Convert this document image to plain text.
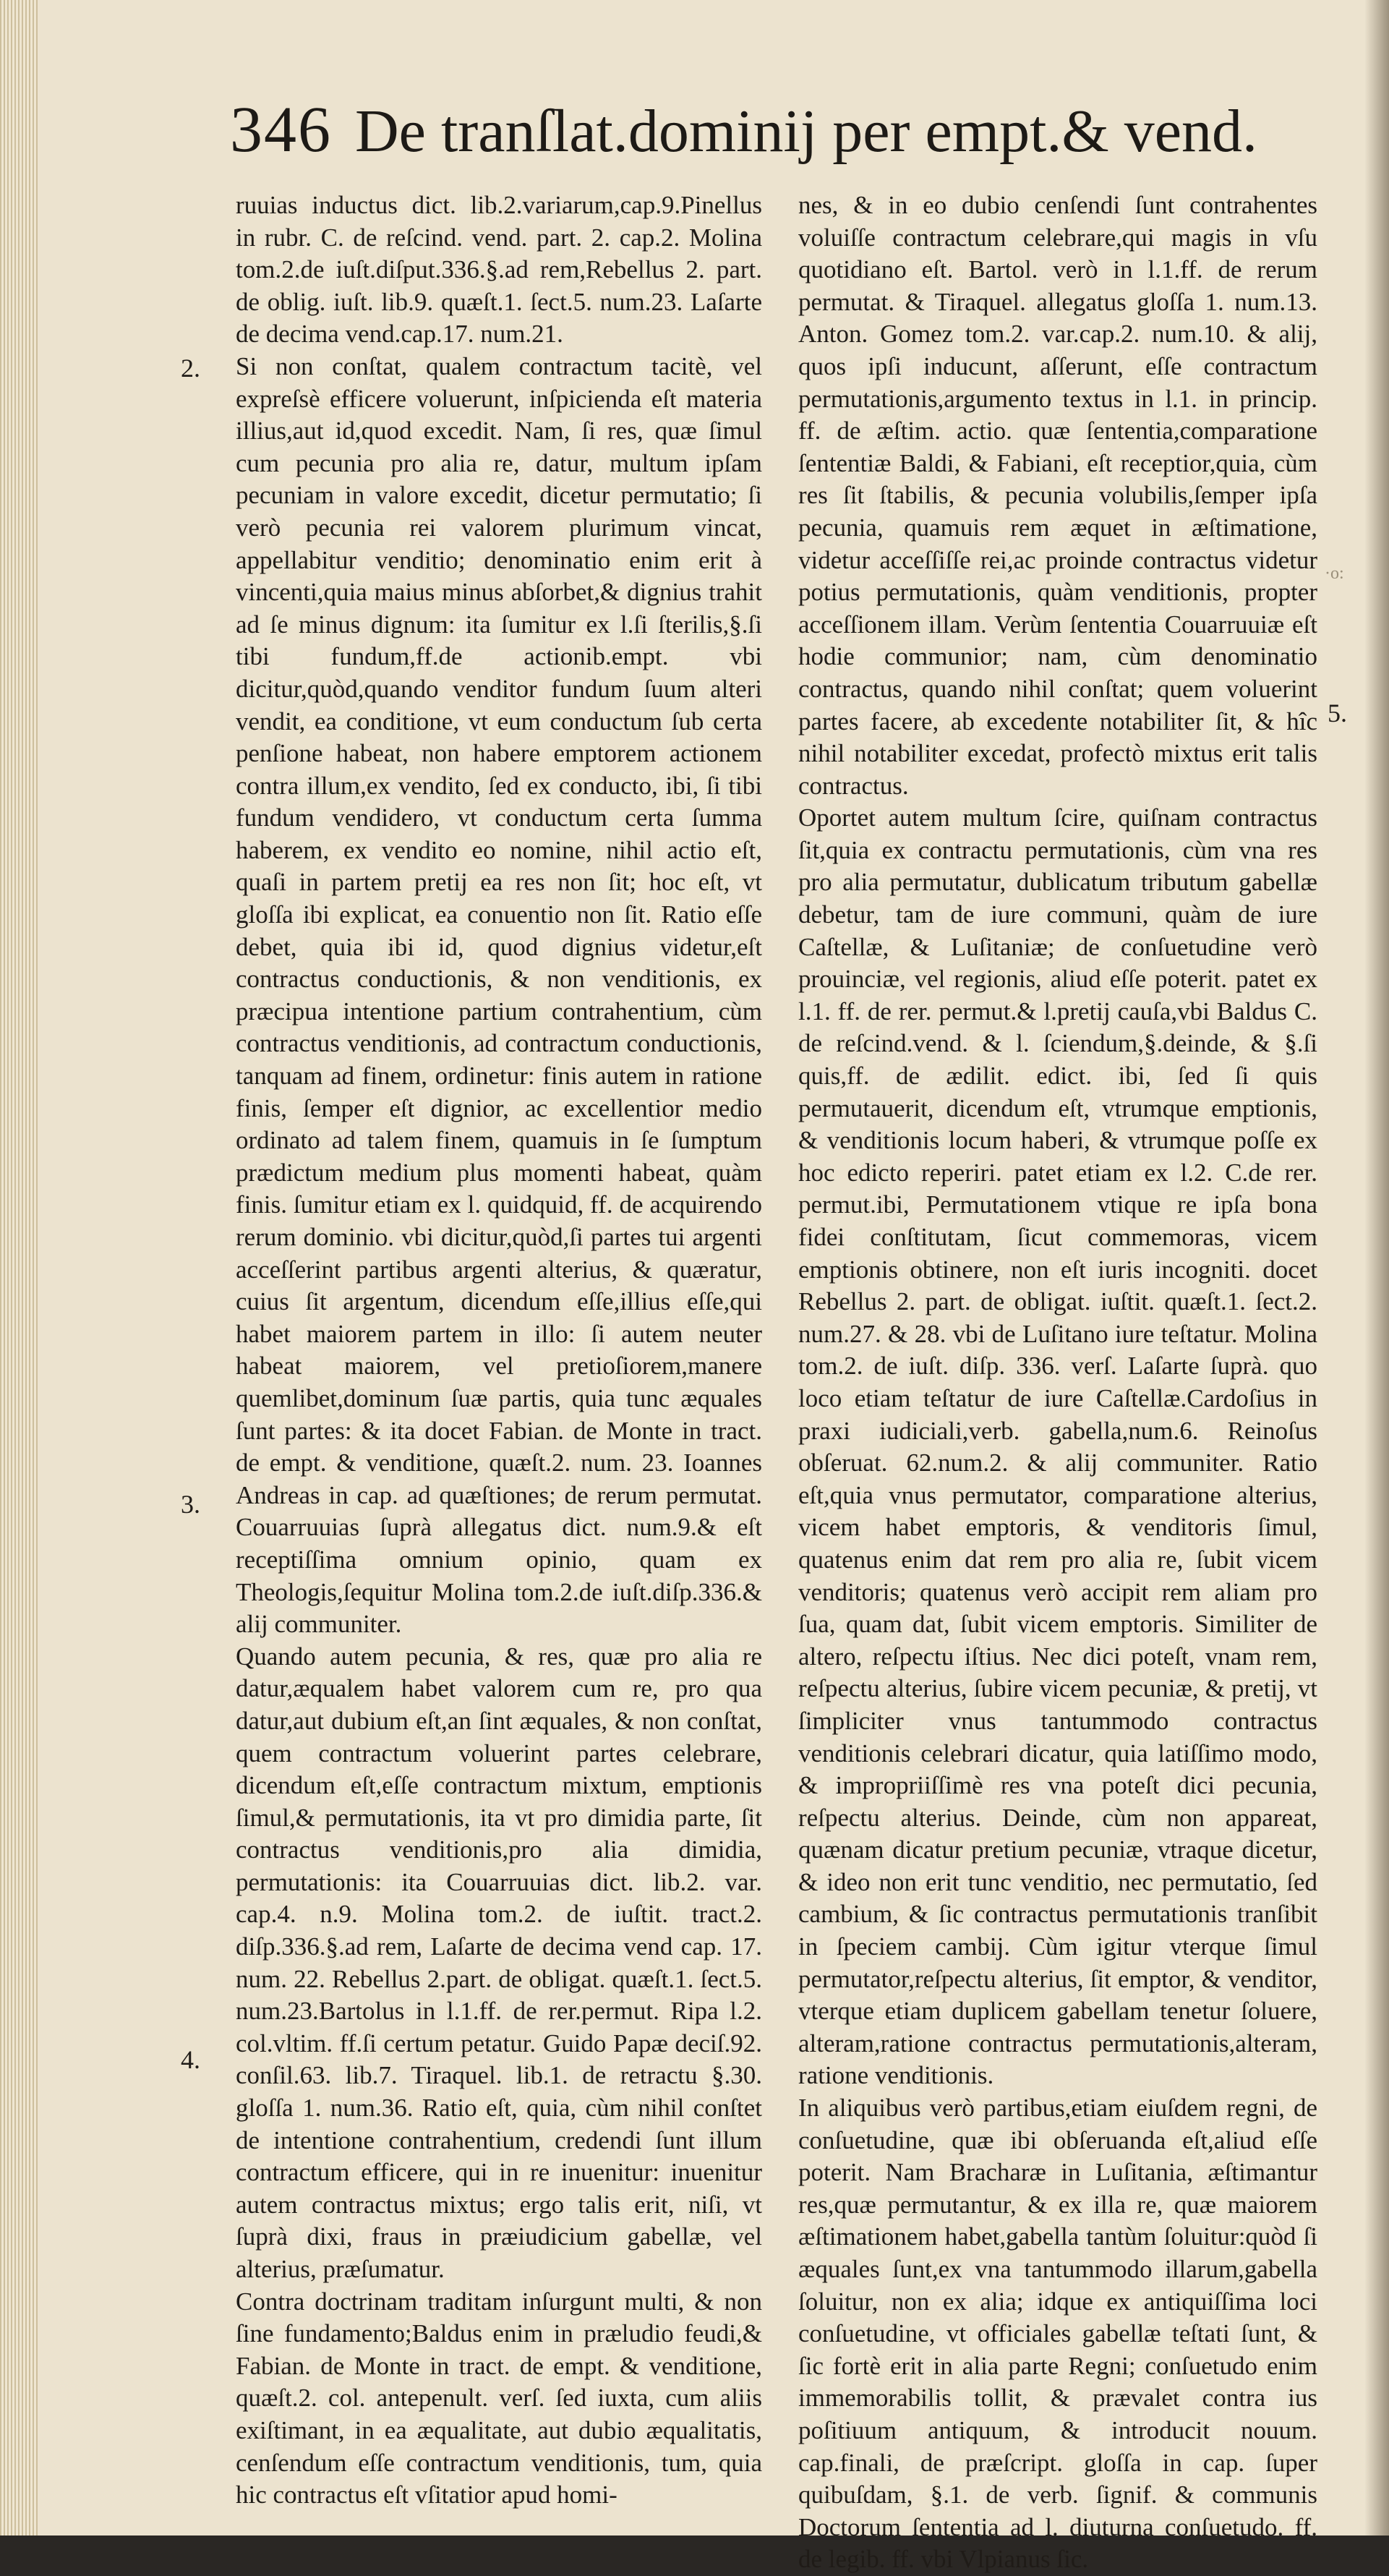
346 De tranſlat.dominij per empt.& vend.
2.
3.
4.
5.
·o:

ruuias inductus dict. lib.2.variarum,cap.9.Pinellus in rubr. C. de reſcind. vend. part. 2. cap.2. Molina tom.2.de iuſt.diſput.336.§.ad rem,Rebellus 2. part. de oblig. iuſt. lib.9. quæſt.1. ſect.5. num.23. Laſarte de decima vend.cap.17. num.21.

Si non conſtat, qualem contractum tacitè, vel expreſsè efficere voluerunt, inſpicienda eſt materia illius,aut id,quod excedit. Nam, ſi res, quæ ſimul cum pecunia pro alia re, datur, multum ipſam pecuniam in valore excedit, dicetur permutatio; ſi verò pecunia rei valorem plurimum vincat, appellabitur venditio; denominatio enim erit à vincenti,quia maius minus abſorbet,& dignius trahit ad ſe minus dignum: ita ſumitur ex l.ſi ſterilis,§.ſi tibi fundum,ff.de actionib.empt. vbi dicitur,quòd,quando venditor fundum ſuum alteri vendit, ea conditione, vt eum conductum ſub certa penſione habeat, non habere emptorem actionem contra illum,ex vendito, ſed ex conducto, ibi, ſi tibi fundum vendidero, vt conductum certa ſumma haberem, ex vendito eo nomine, nihil actio eſt, quaſi in partem pretij ea res non ſit; hoc eſt, vt gloſſa ibi explicat, ea conuentio non ſit. Ratio eſſe debet, quia ibi id, quod dignius videtur,eſt contractus conductionis, & non venditionis, ex præcipua intentione partium contrahentium, cùm contractus venditionis, ad contractum conductionis, tanquam ad finem, ordinetur: finis autem in ratione finis, ſemper eſt dignior, ac excellentior medio ordinato ad talem finem, quamuis in ſe ſumptum prædictum medium plus momenti habeat, quàm finis. ſumitur etiam ex l. quidquid, ff. de acquirendo rerum dominio. vbi dicitur,quòd,ſi partes tui argenti acceſſerint partibus argenti alterius, & quæratur, cuius ſit argentum, dicendum eſſe,illius eſſe,qui habet maiorem partem in illo: ſi autem neuter habeat maiorem, vel pretioſiorem,manere quemlibet,dominum ſuæ partis, quia tunc æquales ſunt partes: & ita docet Fabian. de Monte in tract. de empt. & venditione, quæſt.2. num. 23. Ioannes Andreas in cap. ad quæſtiones; de rerum permutat. Couarruuias ſuprà allegatus dict. num.9.& eſt receptiſſima omnium opinio, quam ex Theologis,ſequitur Molina tom.2.de iuſt.diſp.336.& alij communiter.

Quando autem pecunia, & res, quæ pro alia re datur,æqualem habet valorem cum re, pro qua datur,aut dubium eſt,an ſint æquales, & non conſtat, quem contractum voluerint partes celebrare, dicendum eſt,eſſe contractum mixtum, emptionis ſimul,& permutationis, ita vt pro dimidia parte, ſit contractus venditionis,pro alia dimidia, permutationis: ita Couarruuias dict. lib.2. var. cap.4. n.9. Molina tom.2. de iuſtit. tract.2. diſp.336.§.ad rem, Laſarte de decima vend cap. 17. num. 22. Rebellus 2.part. de obligat. quæſt.1. ſect.5. num.23.Bartolus in l.1.ff. de rer.permut. Ripa l.2. col.vltim. ff.ſi certum petatur. Guido Papæ deciſ.92. conſil.63. lib.7. Tiraquel. lib.1. de retractu §.30. gloſſa 1. num.36. Ratio eſt, quia, cùm nihil conſtet de intentione contrahentium, credendi ſunt illum contractum efficere, qui in re inuenitur: inuenitur autem contractus mixtus; ergo talis erit, niſi, vt ſuprà dixi, fraus in præiudicium gabellæ, vel alterius, præſumatur.

Contra doctrinam traditam inſurgunt multi, & non ſine fundamento;Baldus enim in præludio feudi,& Fabian. de Monte in tract. de empt. & venditione, quæſt.2. col. antepenult. verſ. ſed iuxta, cum aliis exiſtimant, in ea æqualitate, aut dubio æqualitatis, cenſendum eſſe contractum venditionis, tum, quia hic contractus eſt vſitatior apud homi-

nes, & in eo dubio cenſendi ſunt contrahentes voluiſſe contractum celebrare,qui magis in vſu quotidiano eſt. Bartol. verò in l.1.ff. de rerum permutat. & Tiraquel. allegatus gloſſa 1. num.13. Anton. Gomez tom.2. var.cap.2. num.10. & alij, quos ipſi inducunt, aſſerunt, eſſe contractum permutationis,argumento textus in l.1. in princip. ff. de æſtim. actio. quæ ſententia,comparatione ſententiæ Baldi, & Fabiani, eſt receptior,quia, cùm res ſit ſtabilis, & pecunia volubilis,ſemper ipſa pecunia, quamuis rem æquet in æſtimatione, videtur acceſſiſſe rei,ac proinde contractus videtur potius permutationis, quàm venditionis, propter acceſſionem illam. Verùm ſententia Couarruuiæ eſt hodie communior; nam, cùm denominatio contractus, quando nihil conſtat; quem voluerint partes facere, ab excedente notabiliter ſit, & hîc nihil notabiliter excedat, profectò mixtus erit talis contractus.

Oportet autem multum ſcire, quiſnam contractus ſit,quia ex contractu permutationis, cùm vna res pro alia permutatur, dublicatum tributum gabellæ debetur, tam de iure communi, quàm de iure Caſtellæ, & Luſitaniæ; de conſuetudine verò prouinciæ, vel regionis, aliud eſſe poterit. patet ex l.1. ff. de rer. permut.& l.pretij cauſa,vbi Baldus C. de reſcind.vend. & l. ſciendum,§.deinde, & §.ſi quis,ff. de ædilit. edict. ibi, ſed ſi quis permutauerit, dicendum eſt, vtrumque emptionis, & venditionis locum haberi, & vtrumque poſſe ex hoc edicto reperiri. patet etiam ex l.2. C.de rer. permut.ibi, Permutationem vtique re ipſa bona fidei conſtitutam, ſicut commemoras, vicem emptionis obtinere, non eſt iuris incogniti. docet Rebellus 2. part. de obligat. iuſtit. quæſt.1. ſect.2. num.27. & 28. vbi de Luſitano iure teſtatur. Molina tom.2. de iuſt. diſp. 336. verſ. Laſarte ſuprà. quo loco etiam teſtatur de iure Caſtellæ.Cardoſius in praxi iudiciali,verb. gabella,num.6. Reinoſus obſeruat. 62.num.2. & alij communiter. Ratio eſt,quia vnus permutator, comparatione alterius, vicem habet emptoris, & venditoris ſimul, quatenus enim dat rem pro alia re, ſubit vicem venditoris; quatenus verò accipit rem aliam pro ſua, quam dat, ſubit vicem emptoris. Similiter de altero, reſpectu iſtius. Nec dici poteſt, vnam rem, reſpectu alterius, ſubire vicem pecuniæ, & pretij, vt ſimpliciter vnus tantummodo contractus venditionis celebrari dicatur, quia latiſſimo modo, & impropriiſſimè res vna poteſt dici pecunia, reſpectu alterius. Deinde, cùm non appareat, quænam dicatur pretium pecuniæ, vtraque dicetur, & ideo non erit tunc venditio, nec permutatio, ſed cambium, & ſic contractus permutationis tranſibit in ſpeciem cambij. Cùm igitur vterque ſimul permutator,reſpectu alterius, ſit emptor, & venditor, vterque etiam duplicem gabellam tenetur ſoluere, alteram,ratione contractus permutationis,alteram, ratione venditionis.

In aliquibus verò partibus,etiam eiuſdem regni, de conſuetudine, quæ ibi obſeruanda eſt,aliud eſſe poterit. Nam Bracharæ in Luſitania, æſtimantur res,quæ permutantur, & ex illa re, quæ maiorem æſtimationem habet,gabella tantùm ſoluitur:quòd ſi æquales ſunt,ex vna tantummodo illarum,gabella ſoluitur, non ex alia; idque ex antiquiſſima loci conſuetudine, vt officiales gabellæ teſtati ſunt, & ſic fortè erit in alia parte Regni; conſuetudo enim immemorabilis tollit, & prævalet contra ius poſitiuum antiquum, & introducit nouum. cap.finali, de præſcript. gloſſa in cap. ſuper quibuſdam, §.1. de verb. ſignif. & communis Doctorum ſententia ad l. diuturna conſuetudo. ff. de legib. ff. vbi Vlpianus ſic.
